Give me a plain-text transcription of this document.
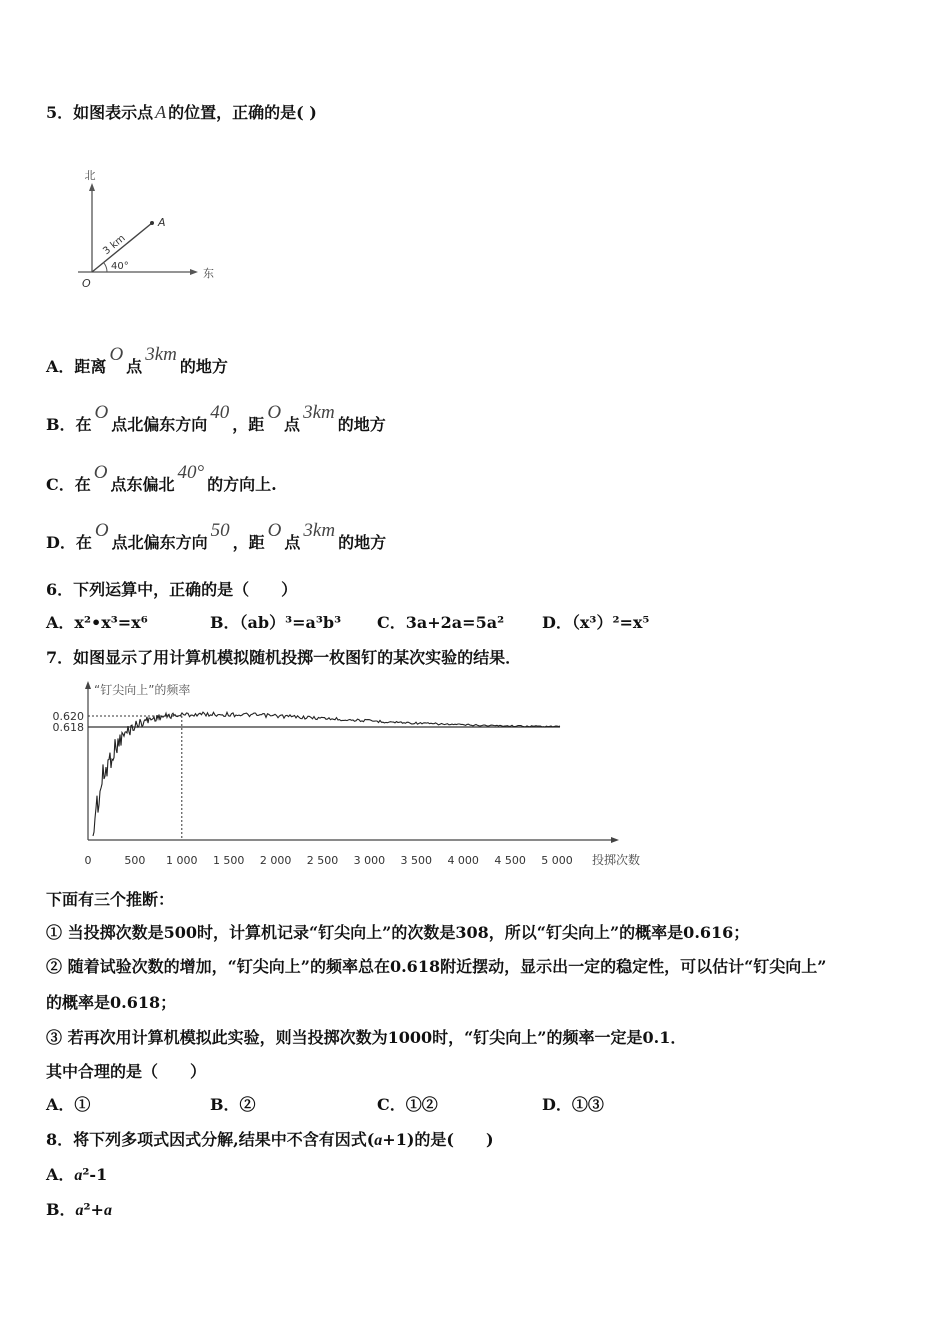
5．如图表示点 A 的位置，正确的是( )
北
东
O
A
3 km
40°
A．距离O点3km的地方
B．在O点北偏东方向40，距O点3km的地方
C．在O点东偏北40°的方向上.
D．在O点北偏东方向50，距O点3km的地方
6．下列运算中，正确的是（　　）
A．x²•x³=x⁶	B．（ab）³=a³b³ C．3a+2a=5a² D．（x³）²=x⁵
7．如图显示了用计算机模拟随机投掷一枚图钉的某次实验的结果．
“钉尖向上”的频率
0.620
0.618
0	500 1 000 1 500 2 000 2 500 3 000 3 500 4 000 4 500 5 000 投掷次数
下面有三个推断：
① 当投掷次数是500时，计算机记录“钉尖向上”的次数是308，所以“钉尖向上”的概率是0.616；
② 随着试验次数的增加，“钉尖向上”的频率总在0.618附近摆动，显示出一定的稳定性，可以估计“钉尖向上”
的概率是0.618；
③ 若再次用计算机模拟此实验，则当投掷次数为1000时，“钉尖向上”的频率一定是0.1．
其中合理的是（　　）
A．①	B．②	C．①②	D．①③
8．将下列多项式因式分解,结果中不含有因式(a+1)的是(　　)
A．a²-1
B．a²+a
